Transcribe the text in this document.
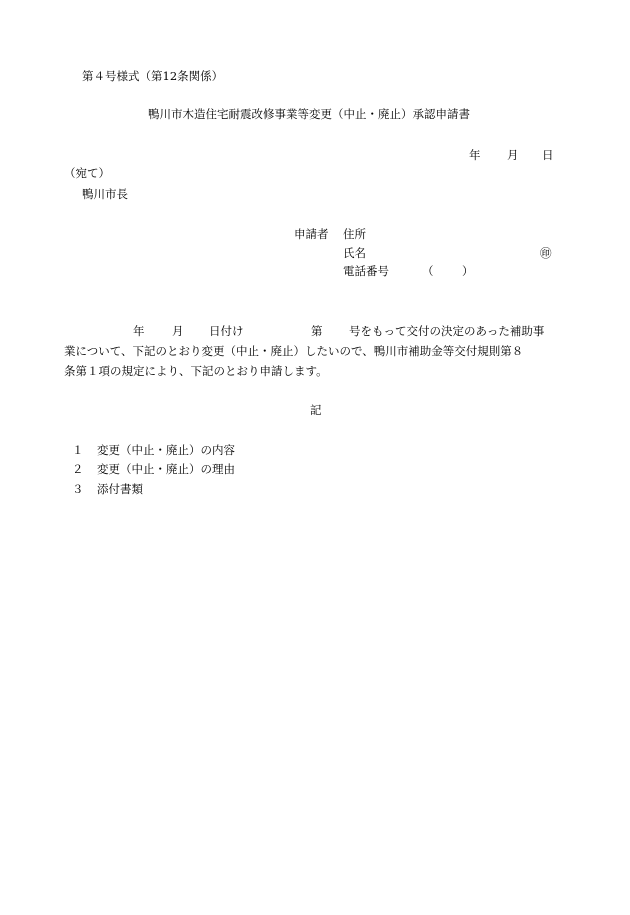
第４号様式（第12条関係）
鴨川市木造住宅耐震改修事業等変更（中止・廃止）承認申請書
年 月 日
（宛て）
鴨川市長
申請者 住所
氏名	㊞
電話番号	（ ）
年 月 日付け	第 号をもって交付の決定のあった補助事
業について、下記のとおり変更（中止・廃止）したいので、鴨川市補助金等交付規則第８
条第１項の規定により、下記のとおり申請します。
記
１ 変更（中止・廃止）の内容
２ 変更（中止・廃止）の理由
３ 添付書類
